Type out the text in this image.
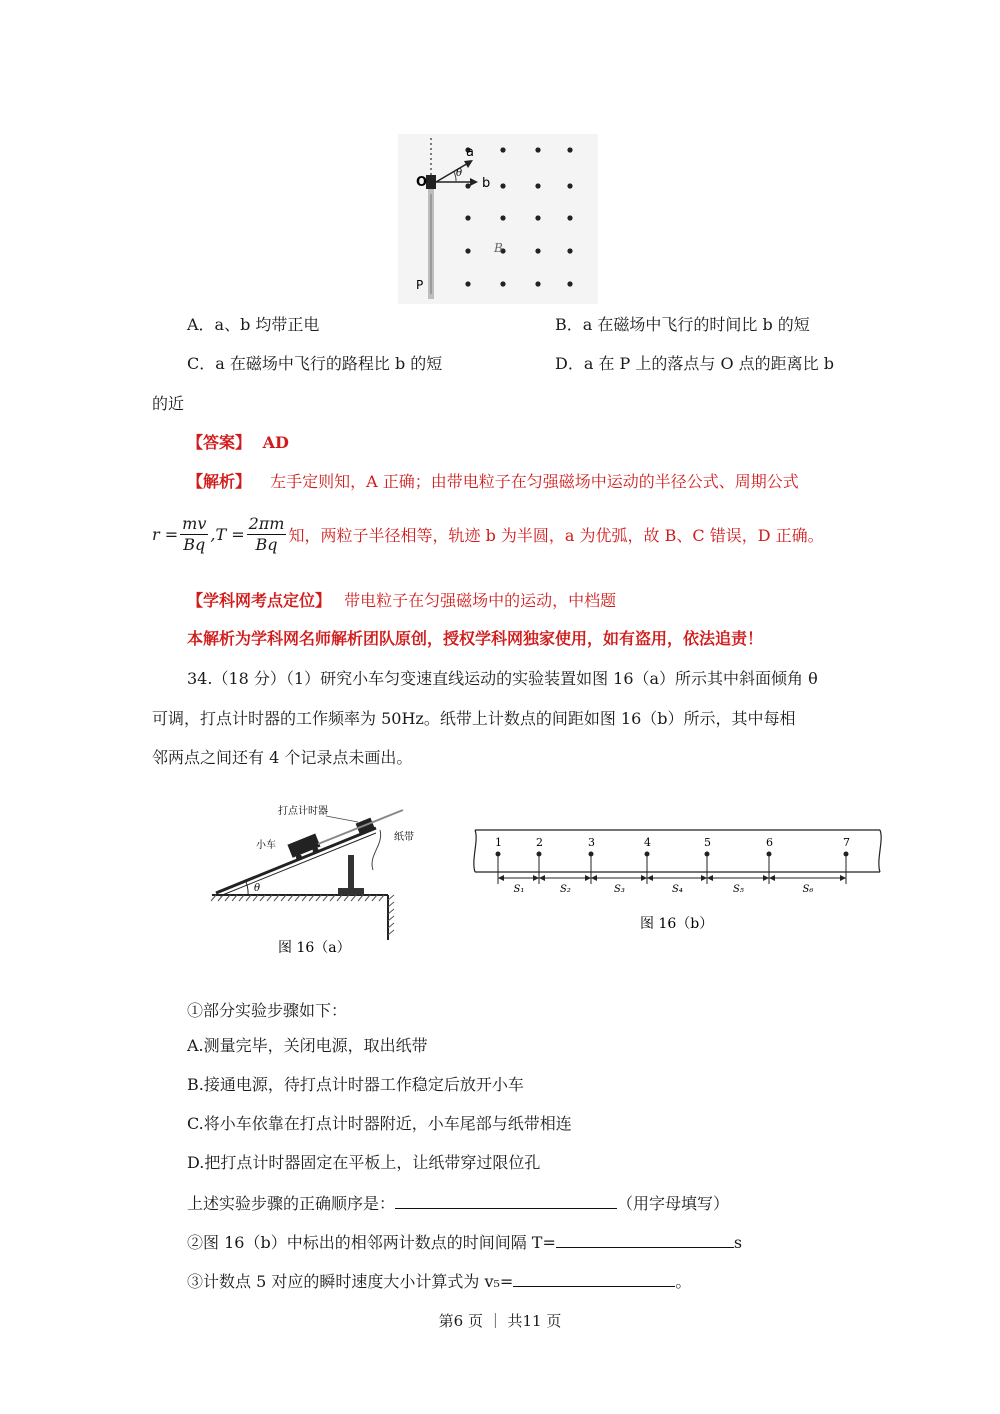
O
P
a
b
θ
B
A．a、b 均带正电	B．a 在磁场中飞行的时间比 b 的短
C．a 在磁场中飞行的路程比 b 的短	D．a 在 P 上的落点与 O 点的距离比 b
的近
【答案】 AD
【解析】 左手定则知，A 正确；由带电粒子在匀强磁场中运动的半径公式、周期公式
$r = \frac{mv}{Bq} ,T = \frac{2\pi m}{Bq}$ 知，两粒子半径相等，轨迹 b 为半圆，a 为优弧，故 B、C 错误，D 正确。
【学科网考点定位】 带电粒子在匀强磁场中的运动，中档题
本解析为学科网名师解析团队原创，授权学科网独家使用，如有盗用，依法追责！
34.（18 分）（1）研究小车匀变速直线运动的实验装置如图 16（a）所示其中斜面倾角 θ
可调，打点计时器的工作频率为 50Hz。纸带上计数点的间距如图 16（b）所示，其中每相
邻两点之间还有 4 个记录点未画出。
θ
打点计时器
小车
纸带
图 16（a）
1	2	3	4	5	6	7
S₁	S₂	S₃	S₄	S₅	S₆
图 16（b）
①部分实验步骤如下：
A.测量完毕，关闭电源，取出纸带
B.接通电源，待打点计时器工作稳定后放开小车
C.将小车依靠在打点计时器附近，小车尾部与纸带相连
D.把打点计时器固定在平板上，让纸带穿过限位孔
上述实验步骤的正确顺序是：	（用字母填写）
②图 16（b）中标出的相邻两计数点的时间间隔 T=	s
③计数点 5 对应的瞬时速度大小计算式为 v₅=	。
第6 页 ｜ 共11 页
